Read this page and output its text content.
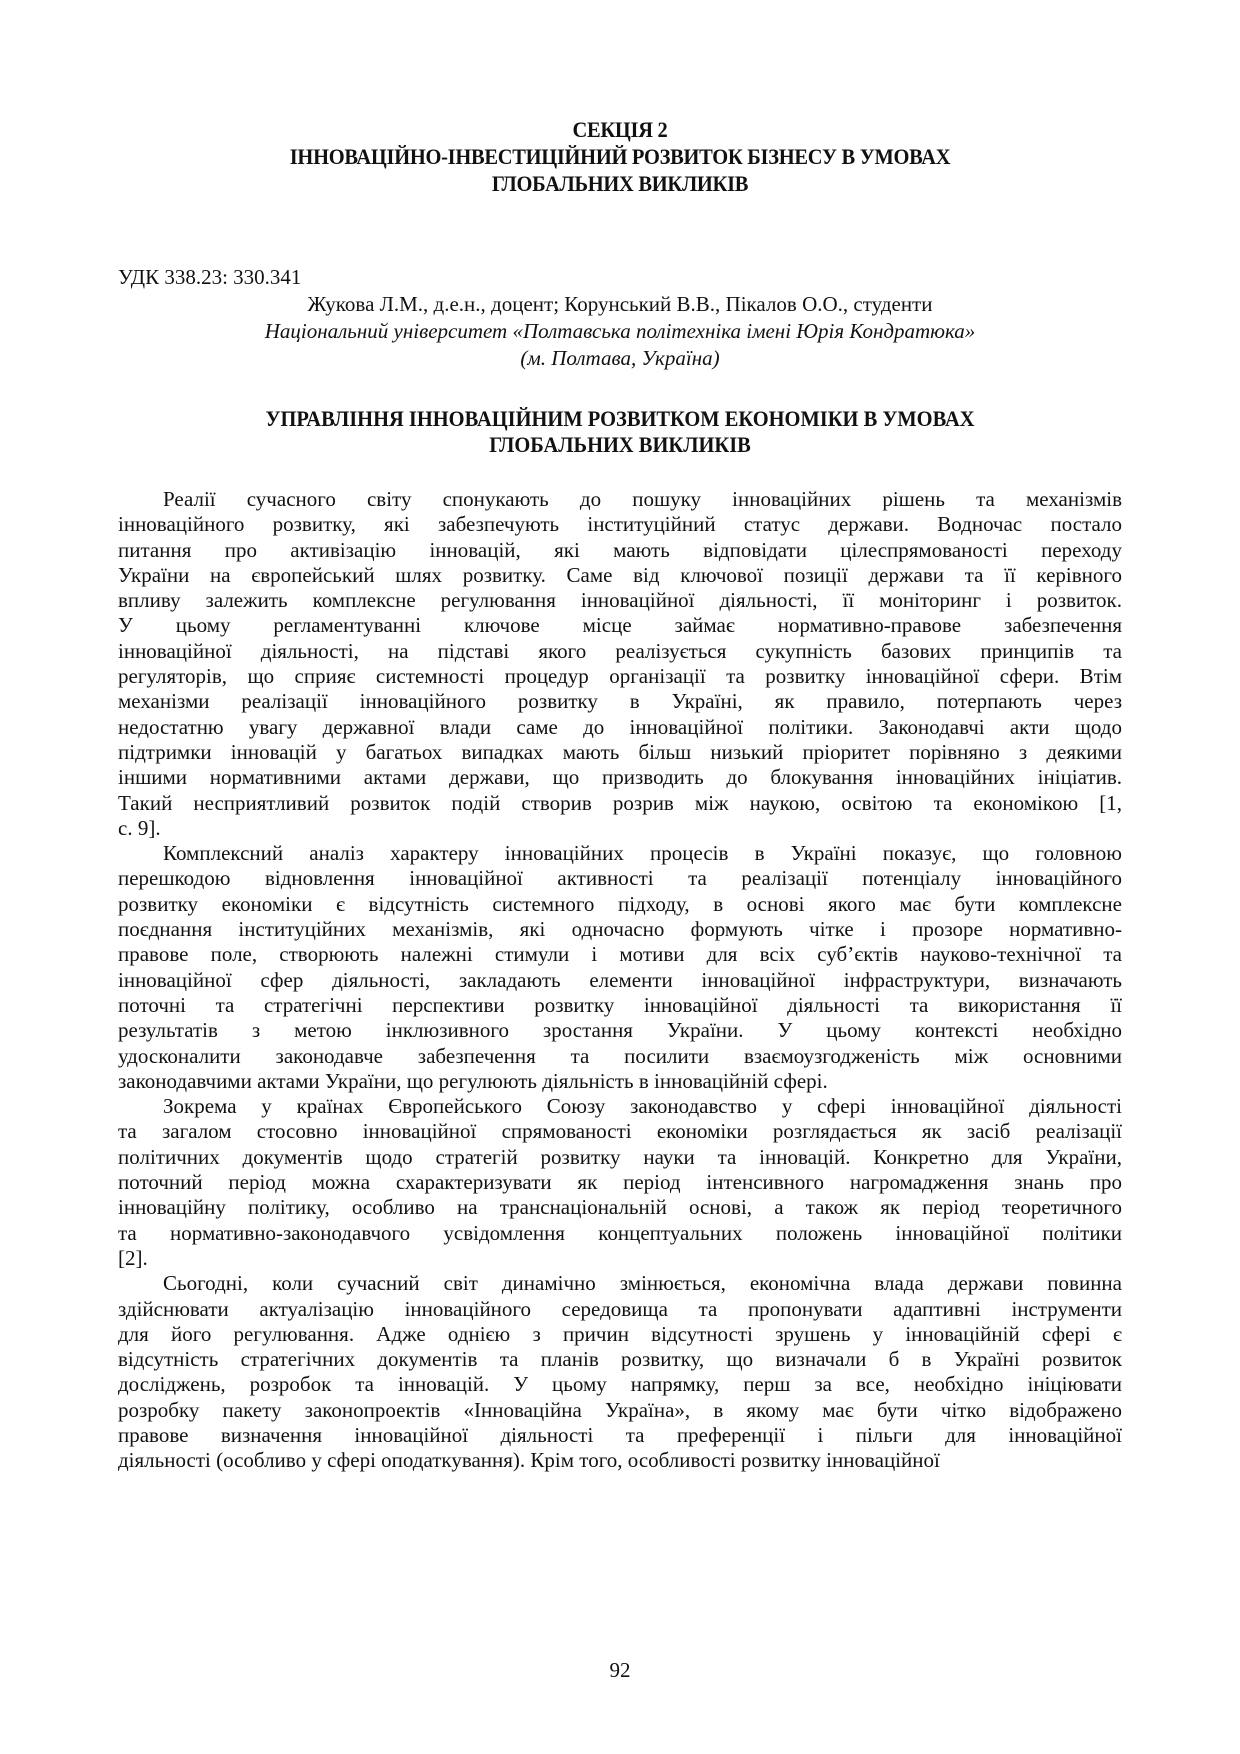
СЕКЦІЯ 2
ІННОВАЦІЙНО-ІНВЕСТИЦІЙНИЙ РОЗВИТОК БІЗНЕСУ В УМОВАХ
ГЛОБАЛЬНИХ ВИКЛИКІВ
УДК 338.23: 330.341
Жукова Л.М., д.е.н., доцент; Корунський В.В., Пікалов О.О., студенти
Національний університет «Полтавська політехніка імені Юрія Кондратюка»
(м. Полтава, Україна)
УПРАВЛІННЯ ІННОВАЦІЙНИМ РОЗВИТКОМ ЕКОНОМІКИ В УМОВАХ
ГЛОБАЛЬНИХ ВИКЛИКІВ
Реалії сучасного світу спонукають до пошуку інноваційних рішень та механізмів
інноваційного розвитку, які забезпечують інституційний статус держави. Водночас постало
питання про активізацію інновацій, які мають відповідати цілеспрямованості переходу
України на європейський шлях розвитку. Саме від ключової позиції держави та її керівного
впливу залежить комплексне регулювання інноваційної діяльності, її моніторинг і розвиток.
У цьому регламентуванні ключове місце займає нормативно-правове забезпечення
інноваційної діяльності, на підставі якого реалізується сукупність базових принципів та
регуляторів, що сприяє системності процедур організації та розвитку інноваційної сфери. Втім
механізми реалізації інноваційного розвитку в Україні, як правило, потерпають через
недостатню увагу державної влади саме до інноваційної політики. Законодавчі акти щодо
підтримки інновацій у багатьох випадках мають більш низький пріоритет порівняно з деякими
іншими нормативними актами держави, що призводить до блокування інноваційних ініціатив.
Такий несприятливий розвиток подій створив розрив між наукою, освітою та економікою [1,
с. 9].
Комплексний аналіз характеру інноваційних процесів в Україні показує, що головною
перешкодою відновлення інноваційної активності та реалізації потенціалу інноваційного
розвитку економіки є відсутність системного підходу, в основі якого має бути комплексне
поєднання інституційних механізмів, які одночасно формують чітке і прозоре нормативно-
правове поле, створюють належні стимули і мотиви для всіх суб’єктів науково-технічної та
інноваційної сфер діяльності, закладають елементи інноваційної інфраструктури, визначають
поточні та стратегічні перспективи розвитку інноваційної діяльності та використання її
результатів з метою інклюзивного зростання України. У цьому контексті необхідно
удосконалити законодавче забезпечення та посилити взаємоузгодженість між основними
законодавчими актами України, що регулюють діяльність в інноваційній сфері.
Зокрема у країнах Європейського Союзу законодавство у сфері інноваційної діяльності
та загалом стосовно інноваційної спрямованості економіки розглядається як засіб реалізації
політичних документів щодо стратегій розвитку науки та інновацій. Конкретно для України,
поточний період можна схарактеризувати як період інтенсивного нагромадження знань про
інноваційну політику, особливо на транснаціональній основі, а також як період теоретичного
та нормативно-законодавчого усвідомлення концептуальних положень інноваційної політики
[2].
Сьогодні, коли сучасний світ динамічно змінюється, економічна влада держави повинна
здійснювати актуалізацію інноваційного середовища та пропонувати адаптивні інструменти
для його регулювання. Адже однією з причин відсутності зрушень у інноваційній сфері є
відсутність стратегічних документів та планів розвитку, що визначали б в Україні розвиток
досліджень, розробок та інновацій. У цьому напрямку, перш за все, необхідно ініціювати
розробку пакету законопроектів «Інноваційна Україна», в якому має бути чітко відображено
правове визначення інноваційної діяльності та преференції і пільги для інноваційної
діяльності (особливо у сфері оподаткування). Крім того, особливості розвитку інноваційної
92
